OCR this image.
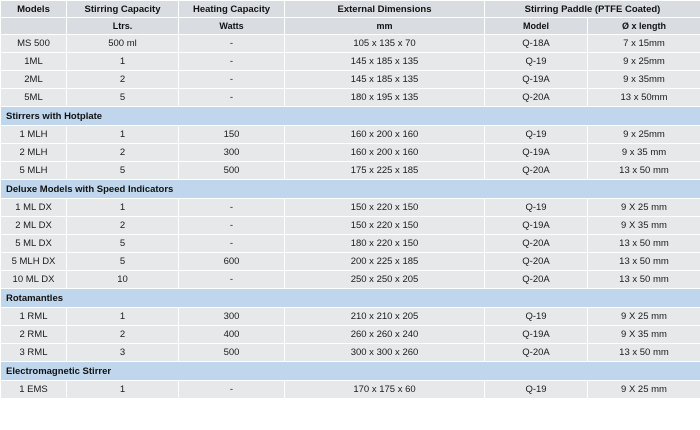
Models	Stirring Capacity	Heating Capacity	External Dimensions	Stirring Paddle (PTFE Coated)	
	Ltrs.	Watts	mm	Model	Ø x length
MS 500	500 ml	-	105 x 135 x 70	Q-18A	7 x 15mm
1ML	1	-	145 x 185 x 135	Q-19	9 x 25mm
2ML	2	-	145 x 185 x 135	Q-19A	9 x 35mm
5ML	5	-	180 x 195 x 135	Q-20A	13 x 50mm
Stirrers with Hotplate					
1 MLH	1	150	160 x 200 x 160	Q-19	9 x 25mm
2 MLH	2	300	160 x 200 x 160	Q-19A	9 x 35 mm
5 MLH	5	500	175 x 225 x 185	Q-20A	13 x 50 mm
Deluxe Models with Speed Indicators					
1 ML DX	1	-	150 x 220 x 150	Q-19	9 X 25 mm
2 ML DX	2	-	150 x 220 x 150	Q-19A	9 X 35 mm
5 ML DX	5	-	180 x 220 x 150	Q-20A	13 x 50 mm
5 MLH DX	5	600	200 x 225 x 185	Q-20A	13 x 50 mm
10 ML DX	10	-	250 x 250 x 205	Q-20A	13 x 50 mm
Rotamantles					
1 RML	1	300	210 x 210 x 205	Q-19	9 X 25 mm
2 RML	2	400	260 x 260 x 240	Q-19A	9 X 35 mm
3 RML	3	500	300 x 300 x 260	Q-20A	13 x 50 mm
Electromagnetic Stirrer					
1 EMS	1	-	170 x 175 x 60	Q-19	9 X 25 mm
